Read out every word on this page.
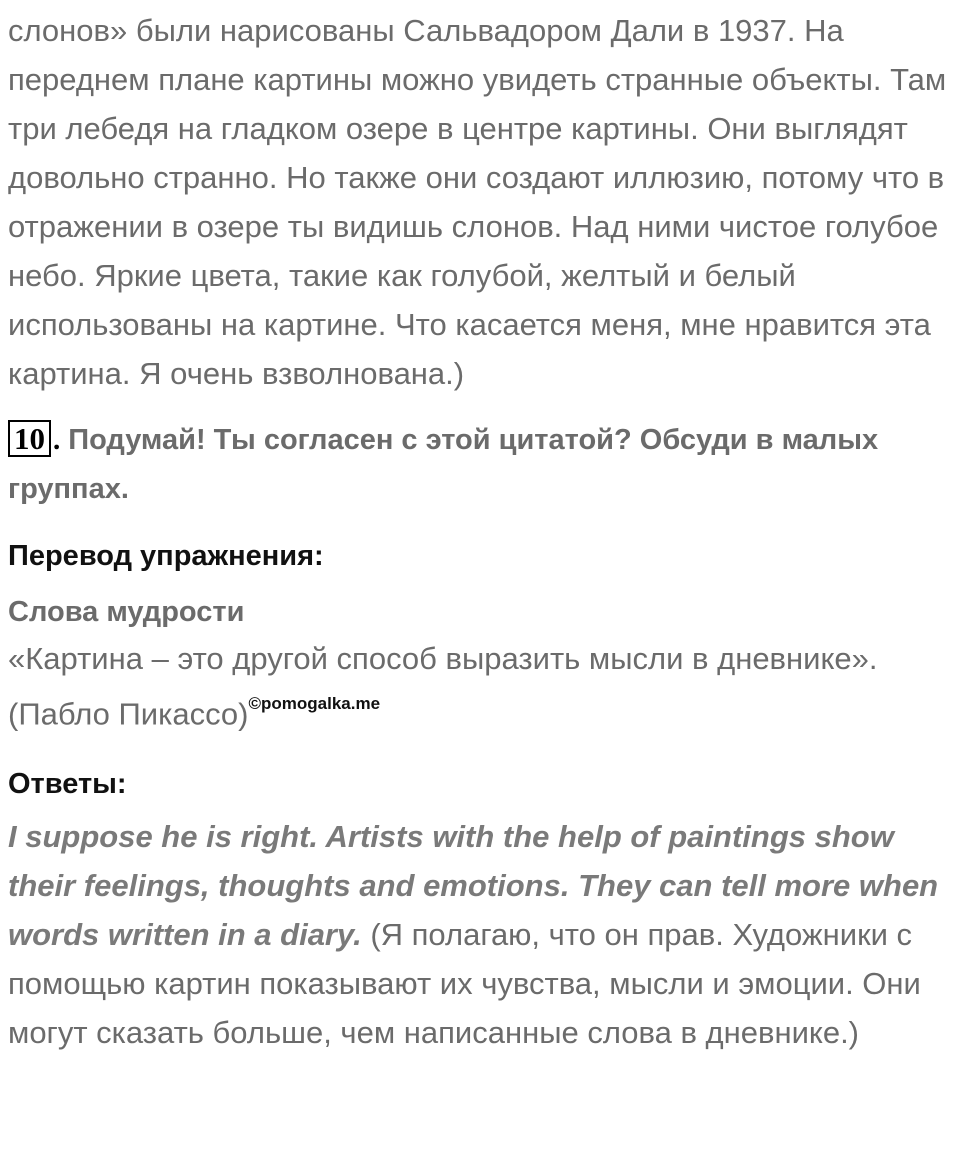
слонов» были нарисованы Сальвадором Дали в 1937. На переднем плане картины можно увидеть странные объекты. Там три лебедя на гладком озере в центре картины. Они выглядят довольно странно. Но также они создают иллюзию, потому что в отражении в озере ты видишь слонов. Над ними чистое голубое небо. Яркие цвета, такие как голубой, желтый и белый использованы на картине. Что касается меня, мне нравится эта картина. Я очень взволнована.)

10 . Подумай! Ты согласен с этой цитатой? Обсуди в малых группах.
Перевод упражнения:
Слова мудрости
«Картина – это другой способ выразить мысли в дневнике».
(Пабло Пикассо)$^{©pomogalka.me}$
Ответы:

I suppose he is right. Artists with the help of paintings show their feelings, thoughts and emotions. They can tell more when words written in a diary. (Я полагаю, что он прав. Художники с помощью картин показывают их чувства, мысли и эмоции. Они могут сказать больше, чем написанные слова в дневнике.)
